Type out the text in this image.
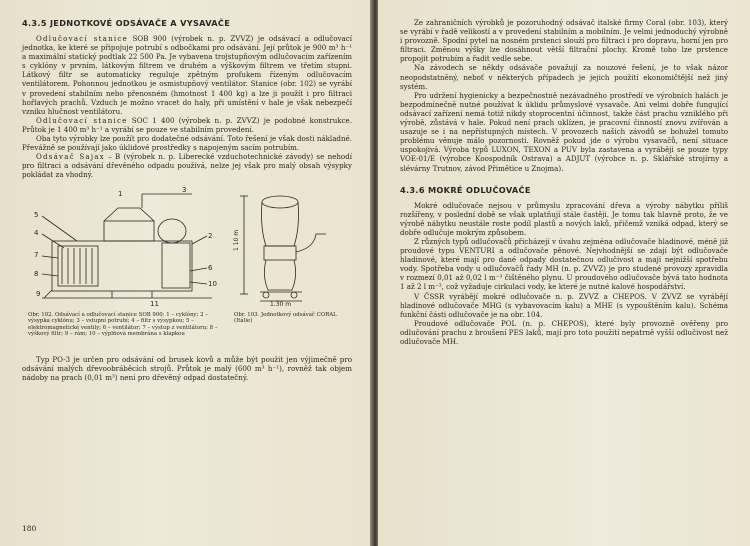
4.3.5 JEDNOTKOVÉ ODSÁVAČE A VYSAVAČE

Odlučovací stanice SOB 900 (výrobek n. p. ZVVZ) je odsávací a odlučovací jednotka, ke které se připojuje potrubí s odbočkami pro odsávání. Její průtok je 900 m³ h⁻¹ a maximální statický podtlak 22 500 Pa. Je vybavena trojstupňovým odlučovacím zařízením s cyklóny v prvním, látkovým filtrem ve druhém a výškovým filtrem ve třetím stupni. Látkový filtr se automaticky reguluje zpětným profukem řízeným odlučovacím ventilátorem. Pohonnou jednotkou je osmistupňový ventilátor. Stanice (obr. 102) se vyrábí v provedení stabilním nebo přenosném (hmotnost 1 400 kg) a lze ji použít i pro filtraci hořlavých prachů. Vzduch je možno vracet do haly, při umístění v hale je však nebezpečí vzniku hlučnost ventilátoru.

Odlučovací stanice SOC 1 400 (výrobek n. p. ZVVZ) je podobné konstrukce. Průtok je 1 400 m³ h⁻¹ a vyrábí se pouze ve stabilním provedení.

Oba tyto výrobky lze použít pro dodatečné odsávání. Toto řešení je však dosti nákladné. Převážně se používají jako úklidové prostředky s napojeným sacím potrubím.

Odsávač Sajax – B (výrobek n. p. Liberecké vzduchotechnické závody) se nehodí pro filtraci a odsávání dřevěného odpadu používá, nelze jej však pro malý obsah výsypky pokládat za vhodný.

5
4
7
8
9
1	3
2
6
10
11
1 10 m
1,30 m
Obr. 102. Odsávací a odlučovací stanice SOB 900: 1 – cyklóny; 2 – výsypka cyklónu; 3 – vstupní potrubí; 4 – filtr s výsypkou; 5 – elektromagnetické ventily; 6 – ventilátor; 7 – výstup z ventilátoru; 8 – výškový filtr; 9 – rám; 10 – výplňová membrána s klapkou
Obr. 103. Jednotkový odsávač CORAL (Itálie)

Typ PO-3 je určen pro odsávání od brusek kovů a může být použit jen výjimečně pro odsávání malých dřevoobráběcích strojů. Průtok je malý (600 m³ h⁻¹), rovněž tak objem nádoby na prach (0,01 m³) není pro dřevěný odpad dostatečný.

180

Ze zahraničních výrobků je pozoruhodný odsávač italské firmy Coral (obr. 103), který se vyrábí v řadě velikostí a v provedení stabilním a mobilním. Je velmi jednoduchý výrobně i provozně. Spodní pytel na nosném prstenci slouží pro filtraci i pro dopravu, horní jen pro filtraci. Změnou výšky lze dosáhnout větší filtrační plochy. Kromě toho lze prstence propojit potrubím a řadit vedle sebe.

Na závodech se někdy odsávače považují za nouzové řešení, je to však názor neopodstatněný, neboť v některých případech je jejich použití ekonomičtější než jiný systém.

Pro udržení hygienicky a bezpečnostně nezávadného prostředí ve výrobních halách je bezpodmínečně nutné používat k úklidu průmyslové vysavače. Ani velmi dobře fungující odsávací zařízení nemá totiž nikdy stoprocentní účinnost, takže část prachu vzniklého při výrobě, zůstává v hale. Pokud není prach uklízen, je pracovní činností znovu zvířován a usazuje se i na nepřístupných místech. V provozech našich závodů se bohužel tomuto problému věnuje málo pozornosti. Rovněž pokud jde o výrobu vysavačů, není situace uspokojivá. Výroba typů LUXON, TEXON a PUV byla zastavena a vyráběji se pouze typy VOE-01/E (výrobce Koospodník Ostrava) a ADJUT (výrobce n. p. Sklářské strojírny a slévárny Trutnov, závod Přimětice u Znojma).

4.3.6 MOKRÉ ODLUČOVAČE

Mokré odlučovače nejsou v průmyslu zpracování dřeva a výroby nábytku příliš rozšířeny, v poslední době se však uplatňují stále častěji. Je tomu tak hlavně proto, že ve výrobě nábytku neustále roste podíl plastů a nových laků, přičemž vzniká odpad, který se dobře odlučuje mokrým způsobem.

Z různých typů odlučovačů přicházejí v úvahu zejména odlučovače hladinové, méně již proudové typu VENTURI a odlučovače pěnové. Nejvhodnější se zdají být odlučovače hladinové, které mají pro dané odpady dostatečnou odlučivost a mají nejnižší spotřebu vody. Spotřeba vody u odlučovačů řady MH (n. p. ZVVZ) je pro studené provozy zpravidla v rozmezí 0,01 až 0,02 l m⁻³ čištěného plynu. U proudového odlučovače bývá tato hodnota 1 až 2 l m⁻³, což vyžaduje cirkulaci vody, ke které je nutné kalové hospodářství.

V ČSSR vyrábějí mokré odlučovače n. p. ZVVZ a CHEPOS. V ZVVZ se vyrábějí hladinové odlučovače MHG (s vybavovacím kalu) a MHE (s vypouštěním kalu). Schéma funkční části odlučovače je na obr. 104.

Proudové odlučovače POL (n. p. CHEPOS), které byly provozně ověřeny pro odlučování prachu z broušení PES laků, mají pro toto použití nepatrně vyšší odlučivost než odlučovače MH.
